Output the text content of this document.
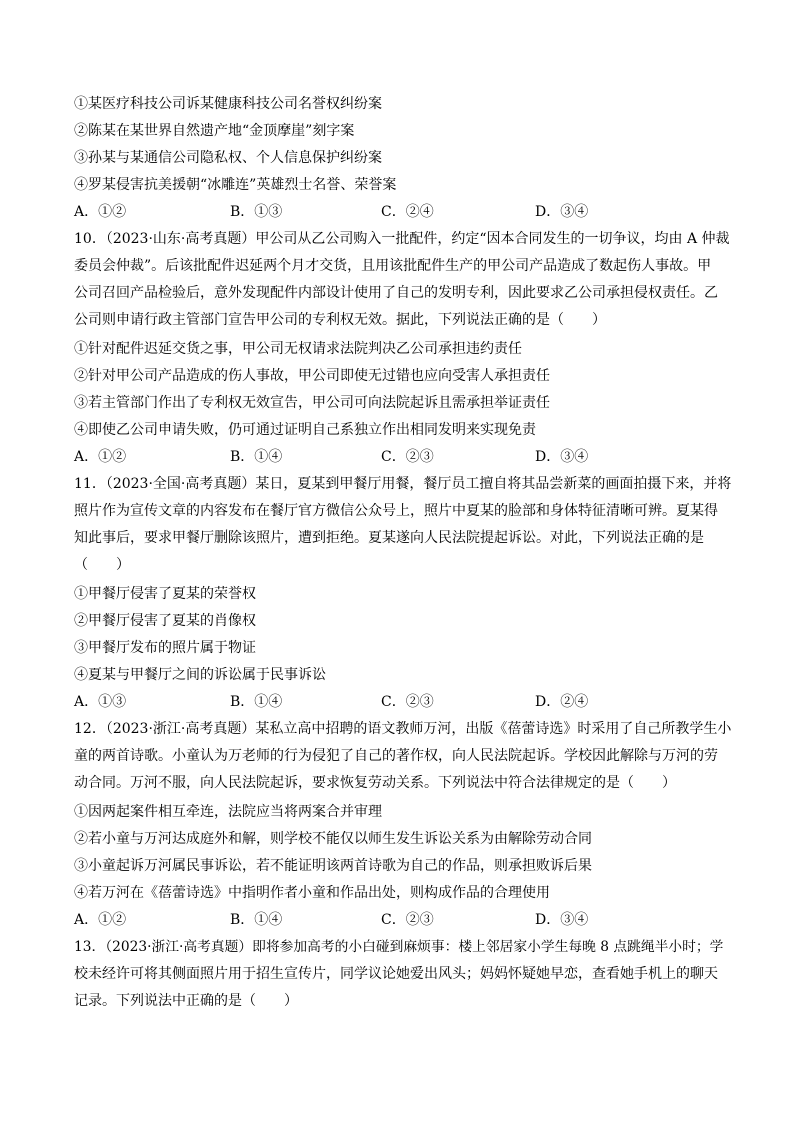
①某医疗科技公司诉某健康科技公司名誉权纠纷案
②陈某在某世界自然遗产地“金顶摩崖”刻字案
③孙某与某通信公司隐私权、个人信息保护纠纷案
④罗某侵害抗美援朝“冰雕连”英雄烈士名誉、荣誉案
A．①②	B．①③	C．②④	D．③④
10．（2023·山东·高考真题）甲公司从乙公司购入一批配件，约定“因本合同发生的一切争议，均由 A 仲裁
委员会仲裁”。后该批配件迟延两个月才交货，且用该批配件生产的甲公司产品造成了数起伤人事故。甲
公司召回产品检验后，意外发现配件内部设计使用了自己的发明专利，因此要求乙公司承担侵权责任。乙
公司则申请行政主管部门宣告甲公司的专利权无效。据此，下列说法正确的是（　　）
①针对配件迟延交货之事，甲公司无权请求法院判决乙公司承担违约责任
②针对甲公司产品造成的伤人事故，甲公司即使无过错也应向受害人承担责任
③若主管部门作出了专利权无效宣告，甲公司可向法院起诉且需承担举证责任
④即使乙公司申请失败，仍可通过证明自己系独立作出相同发明来实现免责
A．①②	B．①④	C．②③	D．③④
11．（2023·全国·高考真题）某日，夏某到甲餐厅用餐，餐厅员工擅自将其品尝新菜的画面拍摄下来，并将
照片作为宣传文章的内容发布在餐厅官方微信公众号上，照片中夏某的脸部和身体特征清晰可辨。夏某得
知此事后，要求甲餐厅删除该照片，遭到拒绝。夏某遂向人民法院提起诉讼。对此，下列说法正确的是
（　　）
①甲餐厅侵害了夏某的荣誉权
②甲餐厅侵害了夏某的肖像权
③甲餐厅发布的照片属于物证
④夏某与甲餐厅之间的诉讼属于民事诉讼
A．①③	B．①④	C．②③	D．②④
12．（2023·浙江·高考真题）某私立高中招聘的语文教师万河，出版《蓓蕾诗选》时采用了自己所教学生小
童的两首诗歌。小童认为万老师的行为侵犯了自己的著作权，向人民法院起诉。学校因此解除与万河的劳
动合同。万河不服，向人民法院起诉，要求恢复劳动关系。下列说法中符合法律规定的是（　　）
①因两起案件相互牵连，法院应当将两案合并审理
②若小童与万河达成庭外和解，则学校不能仅以师生发生诉讼关系为由解除劳动合同
③小童起诉万河属民事诉讼，若不能证明该两首诗歌为自己的作品，则承担败诉后果
④若万河在《蓓蕾诗选》中指明作者小童和作品出处，则构成作品的合理使用
A．①②	B．①④	C．②③	D．③④
13．（2023·浙江·高考真题）即将参加高考的小白碰到麻烦事：楼上邻居家小学生每晚 8 点跳绳半小时；学
校未经许可将其侧面照片用于招生宣传片，同学议论她爱出风头；妈妈怀疑她早恋，查看她手机上的聊天
记录。下列说法中正确的是（　　）
